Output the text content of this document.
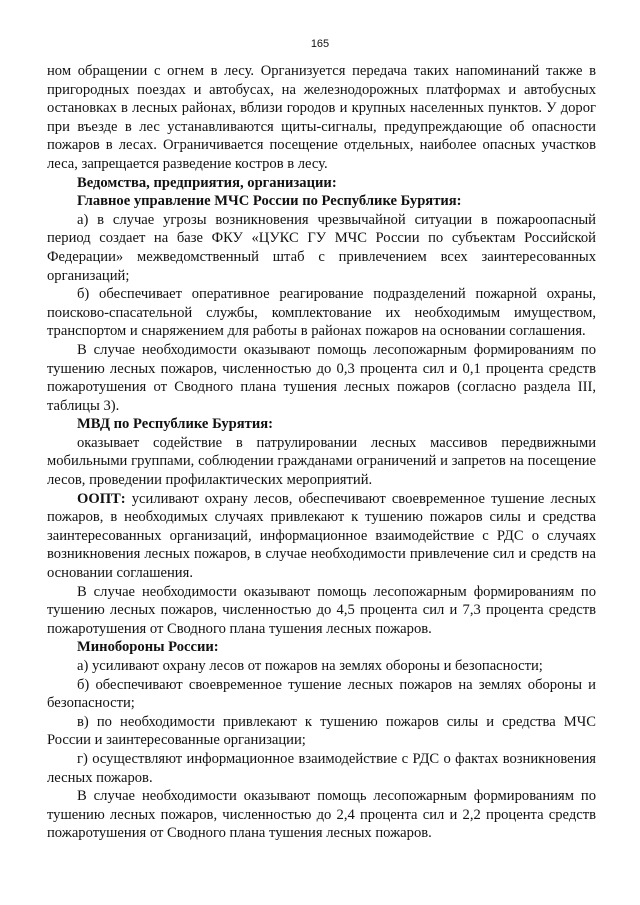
165

ном обращении с огнем в лесу. Организуется передача таких напоминаний также в пригородных поездах и автобусах, на железнодорожных платформах и автобусных остановках в лесных районах, вблизи городов и крупных населенных пунктов. У дорог при въезде в лес устанавливаются щиты-сигналы, предупреждающие об опасности пожаров в лесах. Ограничивается посещение отдельных, наиболее опасных участков леса, запрещается разведение костров в лесу.

Ведомства, предприятия, организации:

Главное управление МЧС России по Республике Бурятия:

а) в случае угрозы возникновения чрезвычайной ситуации в пожароопасный период создает на базе ФКУ «ЦУКС ГУ МЧС России по субъектам Российской Федерации» межведомственный штаб с привлечением всех заинтересованных организаций;

б) обеспечивает оперативное реагирование подразделений пожарной охраны, поисково-спасательной службы, комплектование их необходимым имуществом, транспортом и снаряжением для работы в районах пожаров на основании соглашения.

В случае необходимости оказывают помощь лесопожарным формированиям по тушению лесных пожаров, численностью до 0,3 процента сил и 0,1 процента средств пожаротушения от Сводного плана тушения лесных пожаров (согласно раздела III, таблицы 3).

МВД по Республике Бурятия:

оказывает содействие в патрулировании лесных массивов передвижными мобильными группами, соблюдении гражданами ограничений и запретов на посещение лесов, проведении профилактических мероприятий.

ООПТ: усиливают охрану лесов, обеспечивают своевременное тушение лесных пожаров, в необходимых случаях привлекают к тушению пожаров силы и средства заинтересованных организаций, информационное взаимодействие с РДС о случаях возникновения лесных пожаров, в случае необходимости привлечение сил и средств на основании соглашения.

В случае необходимости оказывают помощь лесопожарным формированиям по тушению лесных пожаров, численностью до 4,5 процента сил и 7,3 процента средств пожаротушения от Сводного плана тушения лесных пожаров.

Минобороны России:

а) усиливают охрану лесов от пожаров на землях обороны и безопасности;

б) обеспечивают своевременное тушение лесных пожаров на землях обороны и безопасности;

в) по необходимости привлекают к тушению пожаров силы и средства МЧС России и заинтересованные организации;

г) осуществляют информационное взаимодействие с РДС о фактах возникновения лесных пожаров.

В случае необходимости оказывают помощь лесопожарным формированиям по тушению лесных пожаров, численностью до 2,4 процента сил и 2,2 процента средств пожаротушения от Сводного плана тушения лесных пожаров.
